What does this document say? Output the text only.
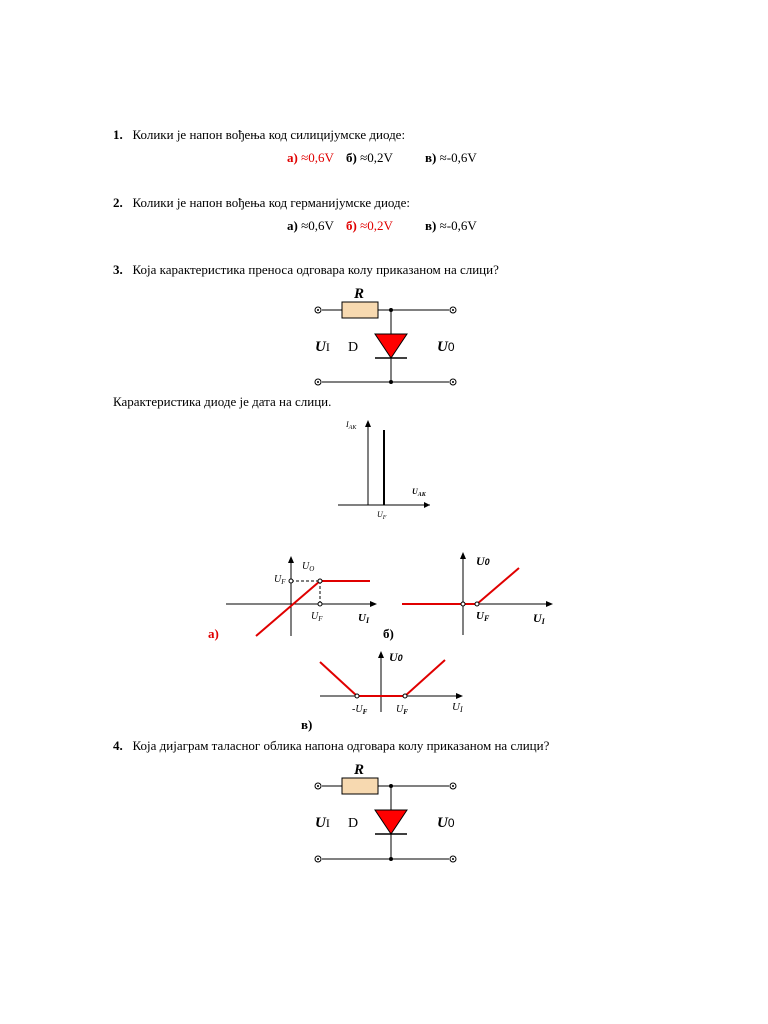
1. Колики је напон вођења код силицијумске диоде:
а) ≈0,6V б) ≈0,2V в) ≈-0,6V
2. Колики је напон вођења код германијумске диоде:
а) ≈0,6V б) ≈0,2V в) ≈-0,6V
3. Која карактеристика преноса одговара колу приказаном на слици?
R
D
UI	U0
Карактеристика диоде је дата на слици.
$I_{AK}$
$U_{AK}$
$U_F$
$U_O$
$U_F$
$U_F$	UI
а)
U0
UF	UI
б)
U0
$-U_F$	$U_F$	UI
в)
4. Која дијаграм таласног облика напона одговара колу приказаном на слици?
R
D
UI	U0
